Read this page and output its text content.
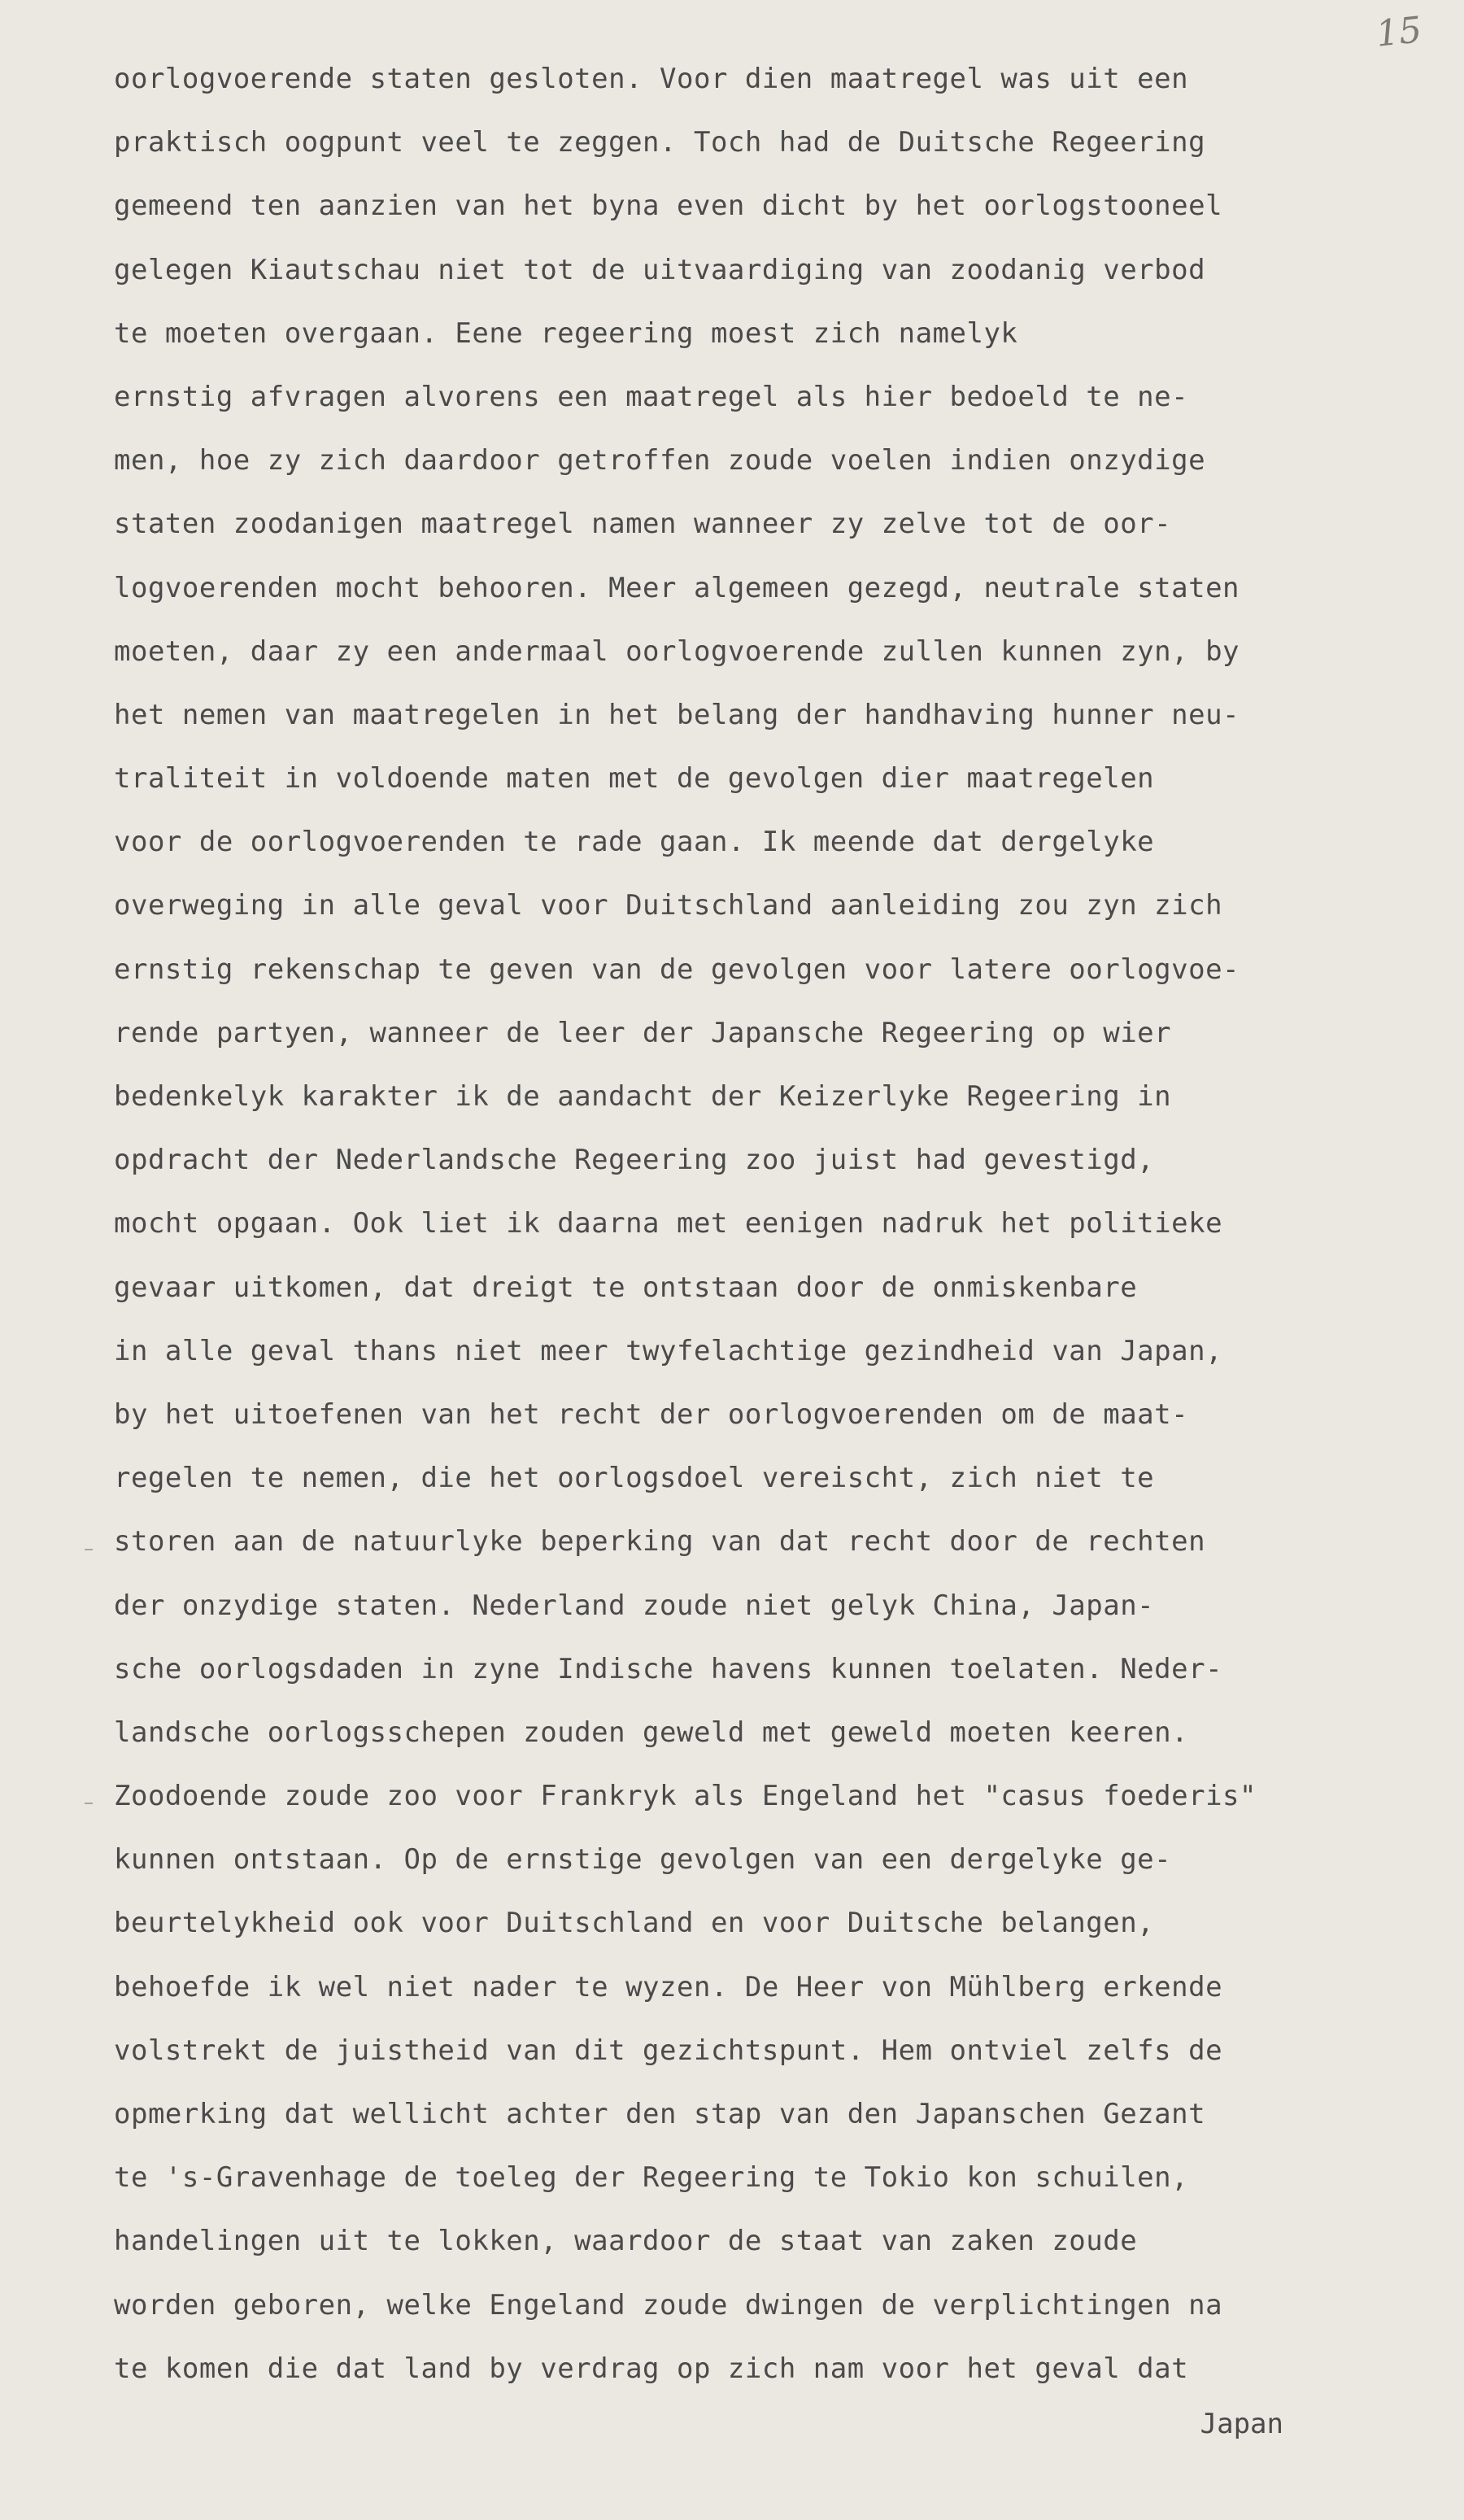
15
oorlogvoerende staten gesloten. Voor dien maatregel was uit een
praktisch oogpunt veel te zeggen. Toch had de Duitsche Regeering
gemeend ten aanzien van het byna even dicht by het oorlogstooneel
gelegen Kiautschau niet tot de uitvaardiging van zoodanig verbod
te moeten overgaan. Eene regeering moest zich namelyk
ernstig afvragen alvorens een maatregel als hier bedoeld te ne-
men, hoe zy zich daardoor getroffen zoude voelen indien onzydige
staten zoodanigen maatregel namen wanneer zy zelve tot de oor-
logvoerenden mocht behooren. Meer algemeen gezegd, neutrale staten
moeten, daar zy een andermaal oorlogvoerende zullen kunnen zyn, by
het nemen van maatregelen in het belang der handhaving hunner neu-
traliteit in voldoende maten met de gevolgen dier maatregelen
voor de oorlogvoerenden te rade gaan. Ik meende dat dergelyke
overweging in alle geval voor Duitschland aanleiding zou zyn zich
ernstig rekenschap te geven van de gevolgen voor latere oorlogvoe-
rende partyen, wanneer de leer der Japansche Regeering op wier
bedenkelyk karakter ik de aandacht der Keizerlyke Regeering in
opdracht der Nederlandsche Regeering zoo juist had gevestigd,
mocht opgaan. Ook liet ik daarna met eenigen nadruk het politieke
gevaar uitkomen, dat dreigt te ontstaan door de onmiskenbare
in alle geval thans niet meer twyfelachtige gezindheid van Japan,
by het uitoefenen van het recht der oorlogvoerenden om de maat-
regelen te nemen, die het oorlogsdoel vereischt, zich niet te
storen aan de natuurlyke beperking van dat recht door de rechten
der onzydige staten. Nederland zoude niet gelyk China, Japan-
sche oorlogsdaden in zyne Indische havens kunnen toelaten. Neder-
landsche oorlogsschepen zouden geweld met geweld moeten keeren.
Zoodoende zoude zoo voor Frankryk als Engeland het "casus foederis"
kunnen ontstaan. Op de ernstige gevolgen van een dergelyke ge-
beurtelykheid ook voor Duitschland en voor Duitsche belangen,
behoefde ik wel niet nader te wyzen. De Heer von Mühlberg erkende
volstrekt de juistheid van dit gezichtspunt. Hem ontviel zelfs de
opmerking dat wellicht achter den stap van den Japanschen Gezant
te 's-Gravenhage de toeleg der Regeering te Tokio kon schuilen,
handelingen uit te lokken, waardoor de staat van zaken zoude
worden geboren, welke Engeland zoude dwingen de verplichtingen na
te komen die dat land by verdrag op zich nam voor het geval dat
Japan
